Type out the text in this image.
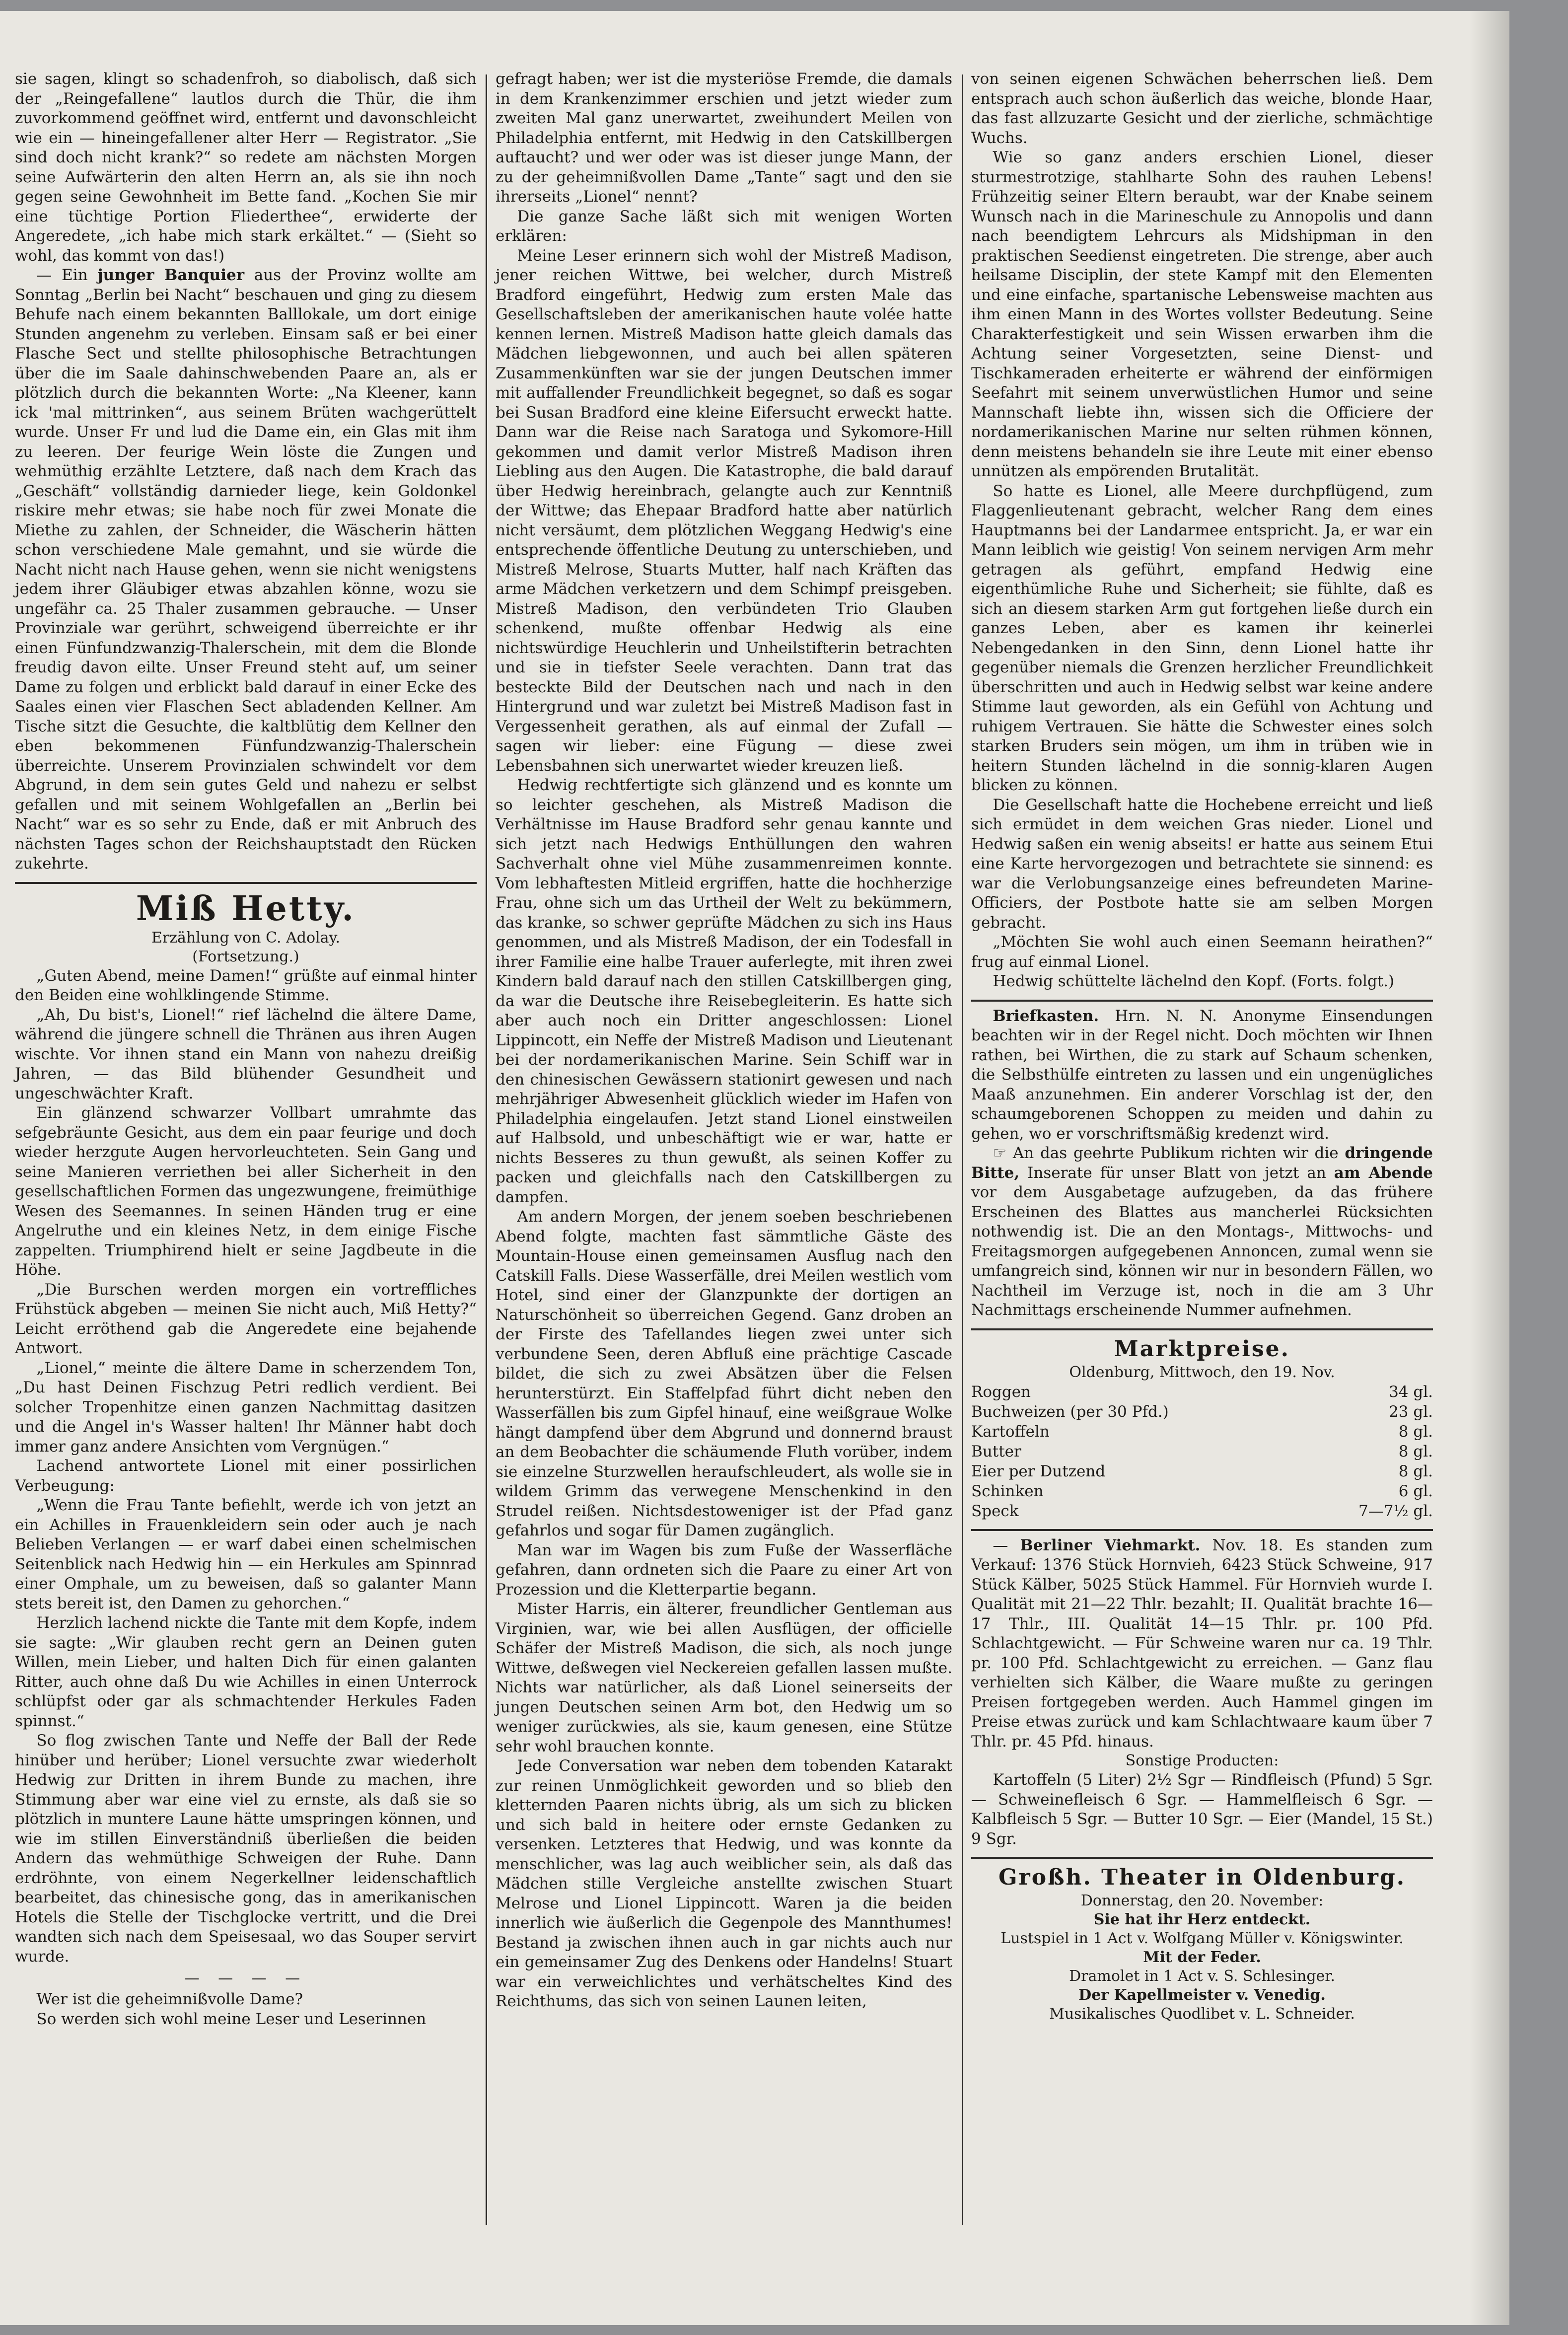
sie sagen, klingt so schadenfroh, so diabolisch, daß sich der „Reingefallene“ lautlos durch die Thür, die ihm zuvorkommend geöffnet wird, entfernt und davonschleicht wie ein — hineingefallener alter Herr — Registrator. „Sie sind doch nicht krank?“ so redete am nächsten Morgen seine Aufwärterin den alten Herrn an, als sie ihn noch gegen seine Gewohnheit im Bette fand. „Kochen Sie mir eine tüchtige Portion Fliederthee“, erwiderte der Angeredete, „ich habe mich stark erkältet.“ — (Sieht so wohl, das kommt von das!)

— Ein junger Banquier aus der Provinz wollte am Sonntag „Berlin bei Nacht“ beschauen und ging zu diesem Behufe nach einem bekannten Balllokale, um dort einige Stunden angenehm zu verleben. Einsam saß er bei einer Flasche Sect und stellte philosophische Betrachtungen über die im Saale dahinschwebenden Paare an, als er plötzlich durch die bekannten Worte: „Na Kleener, kann ick 'mal mittrinken“, aus seinem Brüten wachgerüttelt wurde. Unser Fr und lud die Dame ein, ein Glas mit ihm zu leeren. Der feurige Wein löste die Zungen und wehmüthig erzählte Letztere, daß nach dem Krach das „Geschäft“ vollständig darnieder liege, kein Goldonkel riskire mehr etwas; sie habe noch für zwei Monate die Miethe zu zahlen, der Schneider, die Wäscherin hätten schon verschiedene Male gemahnt, und sie würde die Nacht nicht nach Hause gehen, wenn sie nicht wenigstens jedem ihrer Gläubiger etwas abzahlen könne, wozu sie ungefähr ca. 25 Thaler zusammen gebrauche. — Unser Provinziale war gerührt, schweigend überreichte er ihr einen Fünfundzwanzig-Thalerschein, mit dem die Blonde freudig davon eilte. Unser Freund steht auf, um seiner Dame zu folgen und erblickt bald darauf in einer Ecke des Saales einen vier Flaschen Sect abladenden Kellner. Am Tische sitzt die Gesuchte, die kaltblütig dem Kellner den eben bekommenen Fünfundzwanzig-Thalerschein überreichte. Unserem Provinzialen schwindelt vor dem Abgrund, in dem sein gutes Geld und nahezu er selbst gefallen und mit seinem Wohlgefallen an „Berlin bei Nacht“ war es so sehr zu Ende, daß er mit Anbruch des nächsten Tages schon der Reichshauptstadt den Rücken zukehrte.

Miß Hetty.

Erzählung von C. Adolay.

(Fortsetzung.)

„Guten Abend, meine Damen!“ grüßte auf einmal hinter den Beiden eine wohlklingende Stimme.

„Ah, Du bist's, Lionel!“ rief lächelnd die ältere Dame, während die jüngere schnell die Thränen aus ihren Augen wischte. Vor ihnen stand ein Mann von nahezu dreißig Jahren, — das Bild blühender Gesundheit und ungeschwächter Kraft.

Ein glänzend schwarzer Vollbart umrahmte das sefgebräunte Gesicht, aus dem ein paar feurige und doch wieder herzgute Augen hervorleuchteten. Sein Gang und seine Manieren verriethen bei aller Sicherheit in den gesellschaftlichen Formen das ungezwungene, freimüthige Wesen des Seemannes. In seinen Händen trug er eine Angelruthe und ein kleines Netz, in dem einige Fische zappelten. Triumphirend hielt er seine Jagdbeute in die Höhe.

„Die Burschen werden morgen ein vortreffliches Frühstück abgeben — meinen Sie nicht auch, Miß Hetty?“ Leicht erröthend gab die Angeredete eine bejahende Antwort.

„Lionel,“ meinte die ältere Dame in scherzendem Ton, „Du hast Deinen Fischzug Petri redlich verdient. Bei solcher Tropenhitze einen ganzen Nachmittag dasitzen und die Angel in's Wasser halten! Ihr Männer habt doch immer ganz andere Ansichten vom Vergnügen.“

Lachend antwortete Lionel mit einer possirlichen Verbeugung:

„Wenn die Frau Tante befiehlt, werde ich von jetzt an ein Achilles in Frauenkleidern sein oder auch je nach Belieben Verlangen — er warf dabei einen schelmischen Seitenblick nach Hedwig hin — ein Herkules am Spinnrad einer Omphale, um zu beweisen, daß so galanter Mann stets bereit ist, den Damen zu gehorchen.“

Herzlich lachend nickte die Tante mit dem Kopfe, indem sie sagte: „Wir glauben recht gern an Deinen guten Willen, mein Lieber, und halten Dich für einen galanten Ritter, auch ohne daß Du wie Achilles in einen Unterrock schlüpfst oder gar als schmachtender Herkules Faden spinnst.“

So flog zwischen Tante und Neffe der Ball der Rede hinüber und herüber; Lionel versuchte zwar wiederholt Hedwig zur Dritten in ihrem Bunde zu machen, ihre Stimmung aber war eine viel zu ernste, als daß sie so plötzlich in muntere Laune hätte umspringen können, und wie im stillen Einverständniß überließen die beiden Andern das wehmüthige Schweigen der Ruhe. Dann erdröhnte, von einem Negerkellner leidenschaftlich bearbeitet, das chinesische gong, das in amerikanischen Hotels die Stelle der Tischglocke vertritt, und die Drei wandten sich nach dem Speisesaal, wo das Souper servirt wurde.

— — — —

Wer ist die geheimnißvolle Dame?

So werden sich wohl meine Leser und Leserinnen

gefragt haben; wer ist die mysteriöse Fremde, die damals in dem Krankenzimmer erschien und jetzt wieder zum zweiten Mal ganz unerwartet, zweihundert Meilen von Philadelphia entfernt, mit Hedwig in den Catskillbergen auftaucht? und wer oder was ist dieser junge Mann, der zu der geheimnißvollen Dame „Tante“ sagt und den sie ihrerseits „Lionel“ nennt?

Die ganze Sache läßt sich mit wenigen Worten erklären:

Meine Leser erinnern sich wohl der Mistreß Madison, jener reichen Wittwe, bei welcher, durch Mistreß Bradford eingeführt, Hedwig zum ersten Male das Gesellschaftsleben der amerikanischen haute volée hatte kennen lernen. Mistreß Madison hatte gleich damals das Mädchen liebgewonnen, und auch bei allen späteren Zusammenkünften war sie der jungen Deutschen immer mit auffallender Freundlichkeit begegnet, so daß es sogar bei Susan Bradford eine kleine Eifersucht erweckt hatte. Dann war die Reise nach Saratoga und Sykomore-Hill gekommen und damit verlor Mistreß Madison ihren Liebling aus den Augen. Die Katastrophe, die bald darauf über Hedwig hereinbrach, gelangte auch zur Kenntniß der Wittwe; das Ehepaar Bradford hatte aber natürlich nicht versäumt, dem plötzlichen Weggang Hedwig's eine entsprechende öffentliche Deutung zu unterschieben, und Mistreß Melrose, Stuarts Mutter, half nach Kräften das arme Mädchen verketzern und dem Schimpf preisgeben. Mistreß Madison, den verbündeten Trio Glauben schenkend, mußte offenbar Hedwig als eine nichtswürdige Heuchlerin und Unheilstifterin betrachten und sie in tiefster Seele verachten. Dann trat das besteckte Bild der Deutschen nach und nach in den Hintergrund und war zuletzt bei Mistreß Madison fast in Vergessenheit gerathen, als auf einmal der Zufall — sagen wir lieber: eine Fügung — diese zwei Lebensbahnen sich unerwartet wieder kreuzen ließ.

Hedwig rechtfertigte sich glänzend und es konnte um so leichter geschehen, als Mistreß Madison die Verhältnisse im Hause Bradford sehr genau kannte und sich jetzt nach Hedwigs Enthüllungen den wahren Sachverhalt ohne viel Mühe zusammenreimen konnte. Vom lebhaftesten Mitleid ergriffen, hatte die hochherzige Frau, ohne sich um das Urtheil der Welt zu bekümmern, das kranke, so schwer geprüfte Mädchen zu sich ins Haus genommen, und als Mistreß Madison, der ein Todesfall in ihrer Familie eine halbe Trauer auferlegte, mit ihren zwei Kindern bald darauf nach den stillen Catskillbergen ging, da war die Deutsche ihre Reisebegleiterin. Es hatte sich aber auch noch ein Dritter angeschlossen: Lionel Lippincott, ein Neffe der Mistreß Madison und Lieutenant bei der nordamerikanischen Marine. Sein Schiff war in den chinesischen Gewässern stationirt gewesen und nach mehrjähriger Abwesenheit glücklich wieder im Hafen von Philadelphia eingelaufen. Jetzt stand Lionel einstweilen auf Halbsold, und unbeschäftigt wie er war, hatte er nichts Besseres zu thun gewußt, als seinen Koffer zu packen und gleichfalls nach den Catskillbergen zu dampfen.

Am andern Morgen, der jenem soeben beschriebenen Abend folgte, machten fast sämmtliche Gäste des Mountain-House einen gemeinsamen Ausflug nach den Catskill Falls. Diese Wasserfälle, drei Meilen westlich vom Hotel, sind einer der Glanzpunkte der dortigen an Naturschönheit so überreichen Gegend. Ganz droben an der Firste des Tafellandes liegen zwei unter sich verbundene Seen, deren Abfluß eine prächtige Cascade bildet, die sich zu zwei Absätzen über die Felsen herunterstürzt. Ein Staffelpfad führt dicht neben den Wasserfällen bis zum Gipfel hinauf, eine weißgraue Wolke hängt dampfend über dem Abgrund und donnernd braust an dem Beobachter die schäumende Fluth vorüber, indem sie einzelne Sturzwellen heraufschleudert, als wolle sie in wildem Grimm das verwegene Menschenkind in den Strudel reißen. Nichtsdestoweniger ist der Pfad ganz gefahrlos und sogar für Damen zugänglich.

Man war im Wagen bis zum Fuße der Wasserfläche gefahren, dann ordneten sich die Paare zu einer Art von Prozession und die Kletterpartie begann.

Mister Harris, ein älterer, freundlicher Gentleman aus Virginien, war, wie bei allen Ausflügen, der officielle Schäfer der Mistreß Madison, die sich, als noch junge Wittwe, deßwegen viel Neckereien gefallen lassen mußte. Nichts war natürlicher, als daß Lionel seinerseits der jungen Deutschen seinen Arm bot, den Hedwig um so weniger zurückwies, als sie, kaum genesen, eine Stütze sehr wohl brauchen konnte.

Jede Conversation war neben dem tobenden Katarakt zur reinen Unmöglichkeit geworden und so blieb den kletternden Paaren nichts übrig, als um sich zu blicken und sich bald in heitere oder ernste Gedanken zu versenken. Letzteres that Hedwig, und was konnte da menschlicher, was lag auch weiblicher sein, als daß das Mädchen stille Vergleiche anstellte zwischen Stuart Melrose und Lionel Lippincott. Waren ja die beiden innerlich wie äußerlich die Gegenpole des Mannthumes! Bestand ja zwischen ihnen auch in gar nichts auch nur ein gemeinsamer Zug des Denkens oder Handelns! Stuart war ein verweichlichtes und verhätscheltes Kind des Reichthums, das sich von seinen Launen leiten,

von seinen eigenen Schwächen beherrschen ließ. Dem entsprach auch schon äußerlich das weiche, blonde Haar, das fast allzuzarte Gesicht und der zierliche, schmächtige Wuchs.

Wie so ganz anders erschien Lionel, dieser sturmestrotzige, stahlharte Sohn des rauhen Lebens! Frühzeitig seiner Eltern beraubt, war der Knabe seinem Wunsch nach in die Marineschule zu Annopolis und dann nach beendigtem Lehrcurs als Midshipman in den praktischen Seedienst eingetreten. Die strenge, aber auch heilsame Disciplin, der stete Kampf mit den Elementen und eine einfache, spartanische Lebensweise machten aus ihm einen Mann in des Wortes vollster Bedeutung. Seine Charakterfestigkeit und sein Wissen erwarben ihm die Achtung seiner Vorgesetzten, seine Dienst- und Tischkameraden erheiterte er während der einförmigen Seefahrt mit seinem unverwüstlichen Humor und seine Mannschaft liebte ihn, wissen sich die Officiere der nordamerikanischen Marine nur selten rühmen können, denn meistens behandeln sie ihre Leute mit einer ebenso unnützen als empörenden Brutalität.

So hatte es Lionel, alle Meere durchpflügend, zum Flaggenlieutenant gebracht, welcher Rang dem eines Hauptmanns bei der Landarmee entspricht. Ja, er war ein Mann leiblich wie geistig! Von seinem nervigen Arm mehr getragen als geführt, empfand Hedwig eine eigenthümliche Ruhe und Sicherheit; sie fühlte, daß es sich an diesem starken Arm gut fortgehen ließe durch ein ganzes Leben, aber es kamen ihr keinerlei Nebengedanken in den Sinn, denn Lionel hatte ihr gegenüber niemals die Grenzen herzlicher Freundlichkeit überschritten und auch in Hedwig selbst war keine andere Stimme laut geworden, als ein Gefühl von Achtung und ruhigem Vertrauen. Sie hätte die Schwester eines solch starken Bruders sein mögen, um ihm in trüben wie in heitern Stunden lächelnd in die sonnig-klaren Augen blicken zu können.

Die Gesellschaft hatte die Hochebene erreicht und ließ sich ermüdet in dem weichen Gras nieder. Lionel und Hedwig saßen ein wenig abseits! er hatte aus seinem Etui eine Karte hervorgezogen und betrachtete sie sinnend: es war die Verlobungsanzeige eines befreundeten Marine-Officiers, der Postbote hatte sie am selben Morgen gebracht.

„Möchten Sie wohl auch einen Seemann heirathen?“ frug auf einmal Lionel.

Hedwig schüttelte lächelnd den Kopf. (Forts. folgt.)

Briefkasten. Hrn. N. N. Anonyme Einsendungen beachten wir in der Regel nicht. Doch möchten wir Ihnen rathen, bei Wirthen, die zu stark auf Schaum schenken, die Selbsthülfe eintreten zu lassen und ein ungenügliches Maaß anzunehmen. Ein anderer Vorschlag ist der, den schaumgeborenen Schoppen zu meiden und dahin zu gehen, wo er vorschriftsmäßig kredenzt wird.

☞ An das geehrte Publikum richten wir die dringende Bitte, Inserate für unser Blatt von jetzt an am Abende vor dem Ausgabetage aufzugeben, da das frühere Erscheinen des Blattes aus mancherlei Rücksichten nothwendig ist. Die an den Montags-, Mittwochs- und Freitagsmorgen aufgegebenen Annoncen, zumal wenn sie umfangreich sind, können wir nur in besondern Fällen, wo Nachtheil im Verzuge ist, noch in die am 3 Uhr Nachmittags erscheinende Nummer aufnehmen.

Marktpreise.

Oldenburg, Mittwoch, den 19. Nov.

Roggen	34 gl.
Buchweizen (per 30 Pfd.)	23 gl.
Kartoffeln	8 gl.
Butter	8 gl.
Eier per Dutzend	8 gl.
Schinken	6 gl.
Speck	7—7½ gl.

— Berliner Viehmarkt. Nov. 18. Es standen zum Verkauf: 1376 Stück Hornvieh, 6423 Stück Schweine, 917 Stück Kälber, 5025 Stück Hammel. Für Hornvieh wurde I. Qualität mit 21—22 Thlr. bezahlt; II. Qualität brachte 16—17 Thlr., III. Qualität 14—15 Thlr. pr. 100 Pfd. Schlachtgewicht. — Für Schweine waren nur ca. 19 Thlr. pr. 100 Pfd. Schlachtgewicht zu erreichen. — Ganz flau verhielten sich Kälber, die Waare mußte zu geringen Preisen fortgegeben werden. Auch Hammel gingen im Preise etwas zurück und kam Schlachtwaare kaum über 7 Thlr. pr. 45 Pfd. hinaus.

Sonstige Producten:

Kartoffeln (5 Liter) 2½ Sgr — Rindfleisch (Pfund) 5 Sgr. — Schweinefleisch 6 Sgr. — Hammelfleisch 6 Sgr. — Kalbfleisch 5 Sgr. — Butter 10 Sgr. — Eier (Mandel, 15 St.) 9 Sgr.

Großh. Theater in Oldenburg.

Donnerstag, den 20. November:

Sie hat ihr Herz entdeckt.

Lustspiel in 1 Act v. Wolfgang Müller v. Königswinter.

Mit der Feder.

Dramolet in 1 Act v. S. Schlesinger.

Der Kapellmeister v. Venedig.

Musikalisches Quodlibet v. L. Schneider.
